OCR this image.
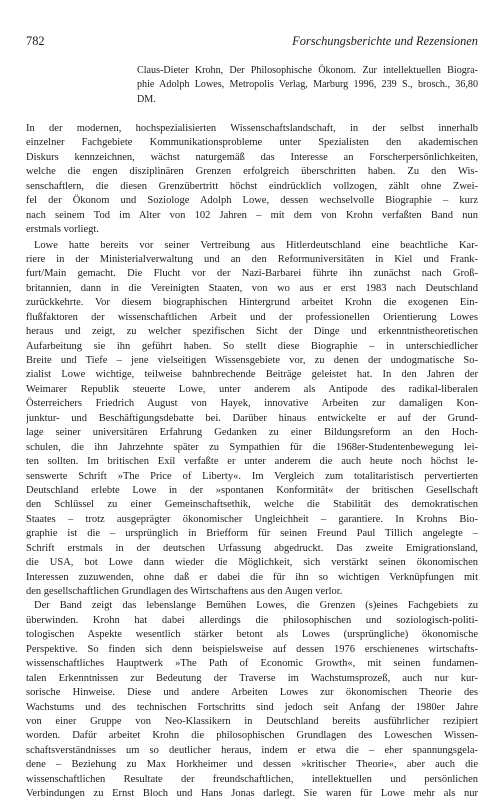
782	Forschungsberichte und Rezensionen
Claus-Dieter Krohn, Der Philosophische Ökonom. Zur intellektuellen Biogra-
phie Adolph Lowes, Metropolis Verlag, Marburg 1996, 239 S., brosch., 36,80
DM.

In der modernen, hochspezialisierten Wissenschaftslandschaft, in der selbst innerhalb
einzelner Fachgebiete Kommunikationsprobleme unter Spezialisten den akademischen
Diskurs kennzeichnen, wächst naturgemäß das Interesse an Forscherpersönlichkeiten,
welche die engen disziplinären Grenzen erfolgreich überschritten haben. Zu den Wis-
senschaftlern, die diesen Grenzübertritt höchst eindrücklich vollzogen, zählt ohne Zwei-
fel der Ökonom und Soziologe Adolph Lowe, dessen wechselvolle Biographie – kurz
nach seinem Tod im Alter von 102 Jahren – mit dem von Krohn verfaßten Band nun
erstmals vorliegt.

Lowe hatte bereits vor seiner Vertreibung aus Hitlerdeutschland eine beachtliche Kar-
riere in der Ministerialverwaltung und an den Reformuniversitäten in Kiel und Frank-
furt/Main gemacht. Die Flucht vor der Nazi-Barbarei führte ihn zunächst nach Groß-
britannien, dann in die Vereinigten Staaten, von wo aus er erst 1983 nach Deutschland
zurückkehrte. Vor diesem biographischen Hintergrund arbeitet Krohn die exogenen Ein-
flußfaktoren der wissenschaftlichen Arbeit und der professionellen Orientierung Lowes
heraus und zeigt, zu welcher spezifischen Sicht der Dinge und erkenntnistheoretischen
Aufarbeitung sie ihn geführt haben. So stellt diese Biographie – in unterschiedlicher
Breite und Tiefe – jene vielseitigen Wissensgebiete vor, zu denen der undogmatische So-
zialist Lowe wichtige, teilweise bahnbrechende Beiträge geleistet hat. In den Jahren der
Weimarer Republik steuerte Lowe, unter anderem als Antipode des radikal-liberalen
Österreichers Friedrich August von Hayek, innovative Arbeiten zur damaligen Kon-
junktur- und Beschäftigungsdebatte bei. Darüber hinaus entwickelte er auf der Grund-
lage seiner universitären Erfahrung Gedanken zu einer Bildungsreform an den Hoch-
schulen, die ihn Jahrzehnte später zu Sympathien für die 1968er-Studentenbewegung lei-
ten sollten. Im britischen Exil verfaßte er unter anderem die auch heute noch höchst le-
senswerte Schrift »The Price of Liberty«. Im Vergleich zum totalitaristisch pervertierten
Deutschland erlebte Lowe in der »spontanen Konformität« der britischen Gesellschaft
den Schlüssel zu einer Gemeinschaftsethik, welche die Stabilität des demokratischen
Staates – trotz ausgeprägter ökonomischer Ungleichheit – garantiere. In Krohns Bio-
graphie ist die – ursprünglich in Briefform für seinen Freund Paul Tillich angelegte –
Schrift erstmals in der deutschen Urfassung abgedruckt. Das zweite Emigrationsland,
die USA, bot Lowe dann wieder die Möglichkeit, sich verstärkt seinen ökonomischen
Interessen zuzuwenden, ohne daß er dabei die für ihn so wichtigen Verknüpfungen mit
den gesellschaftlichen Grundlagen des Wirtschaftens aus den Augen verlor.

Der Band zeigt das lebenslange Bemühen Lowes, die Grenzen (s)eines Fachgebiets zu
überwinden. Krohn hat dabei allerdings die philosophischen und soziologisch-politi-
tologischen Aspekte wesentlich stärker betont als Lowes (ursprüngliche) ökonomische
Perspektive. So finden sich denn beispielsweise auf dessen 1976 erschienenes wirtschafts-
wissenschaftliches Hauptwerk »The Path of Economic Growth«, mit seinen fundamen-
talen Erkenntnissen zur Bedeutung der Traverse im Wachstumsprozeß, auch nur kur-
sorische Hinweise. Diese und andere Arbeiten Lowes zur ökonomischen Theorie des
Wachstums und des technischen Fortschritts sind jedoch seit Anfang der 1980er Jahre
von einer Gruppe von Neo-Klassikern in Deutschland bereits ausführlicher rezipiert
worden. Dafür arbeitet Krohn die philosophischen Grundlagen des Loweschen Wissen-
schaftsverständnisses um so deutlicher heraus, indem er etwa die – eher spannungsgela-
dene – Beziehung zu Max Horkheimer und dessen »kritischer Theorie«, aber auch die
wissenschaftlichen Resultate der freundschaftlichen, intellektuellen und persönlichen
Verbindungen zu Ernst Bloch und Hans Jonas darlegt. Sie waren für Lowe mehr als nur
